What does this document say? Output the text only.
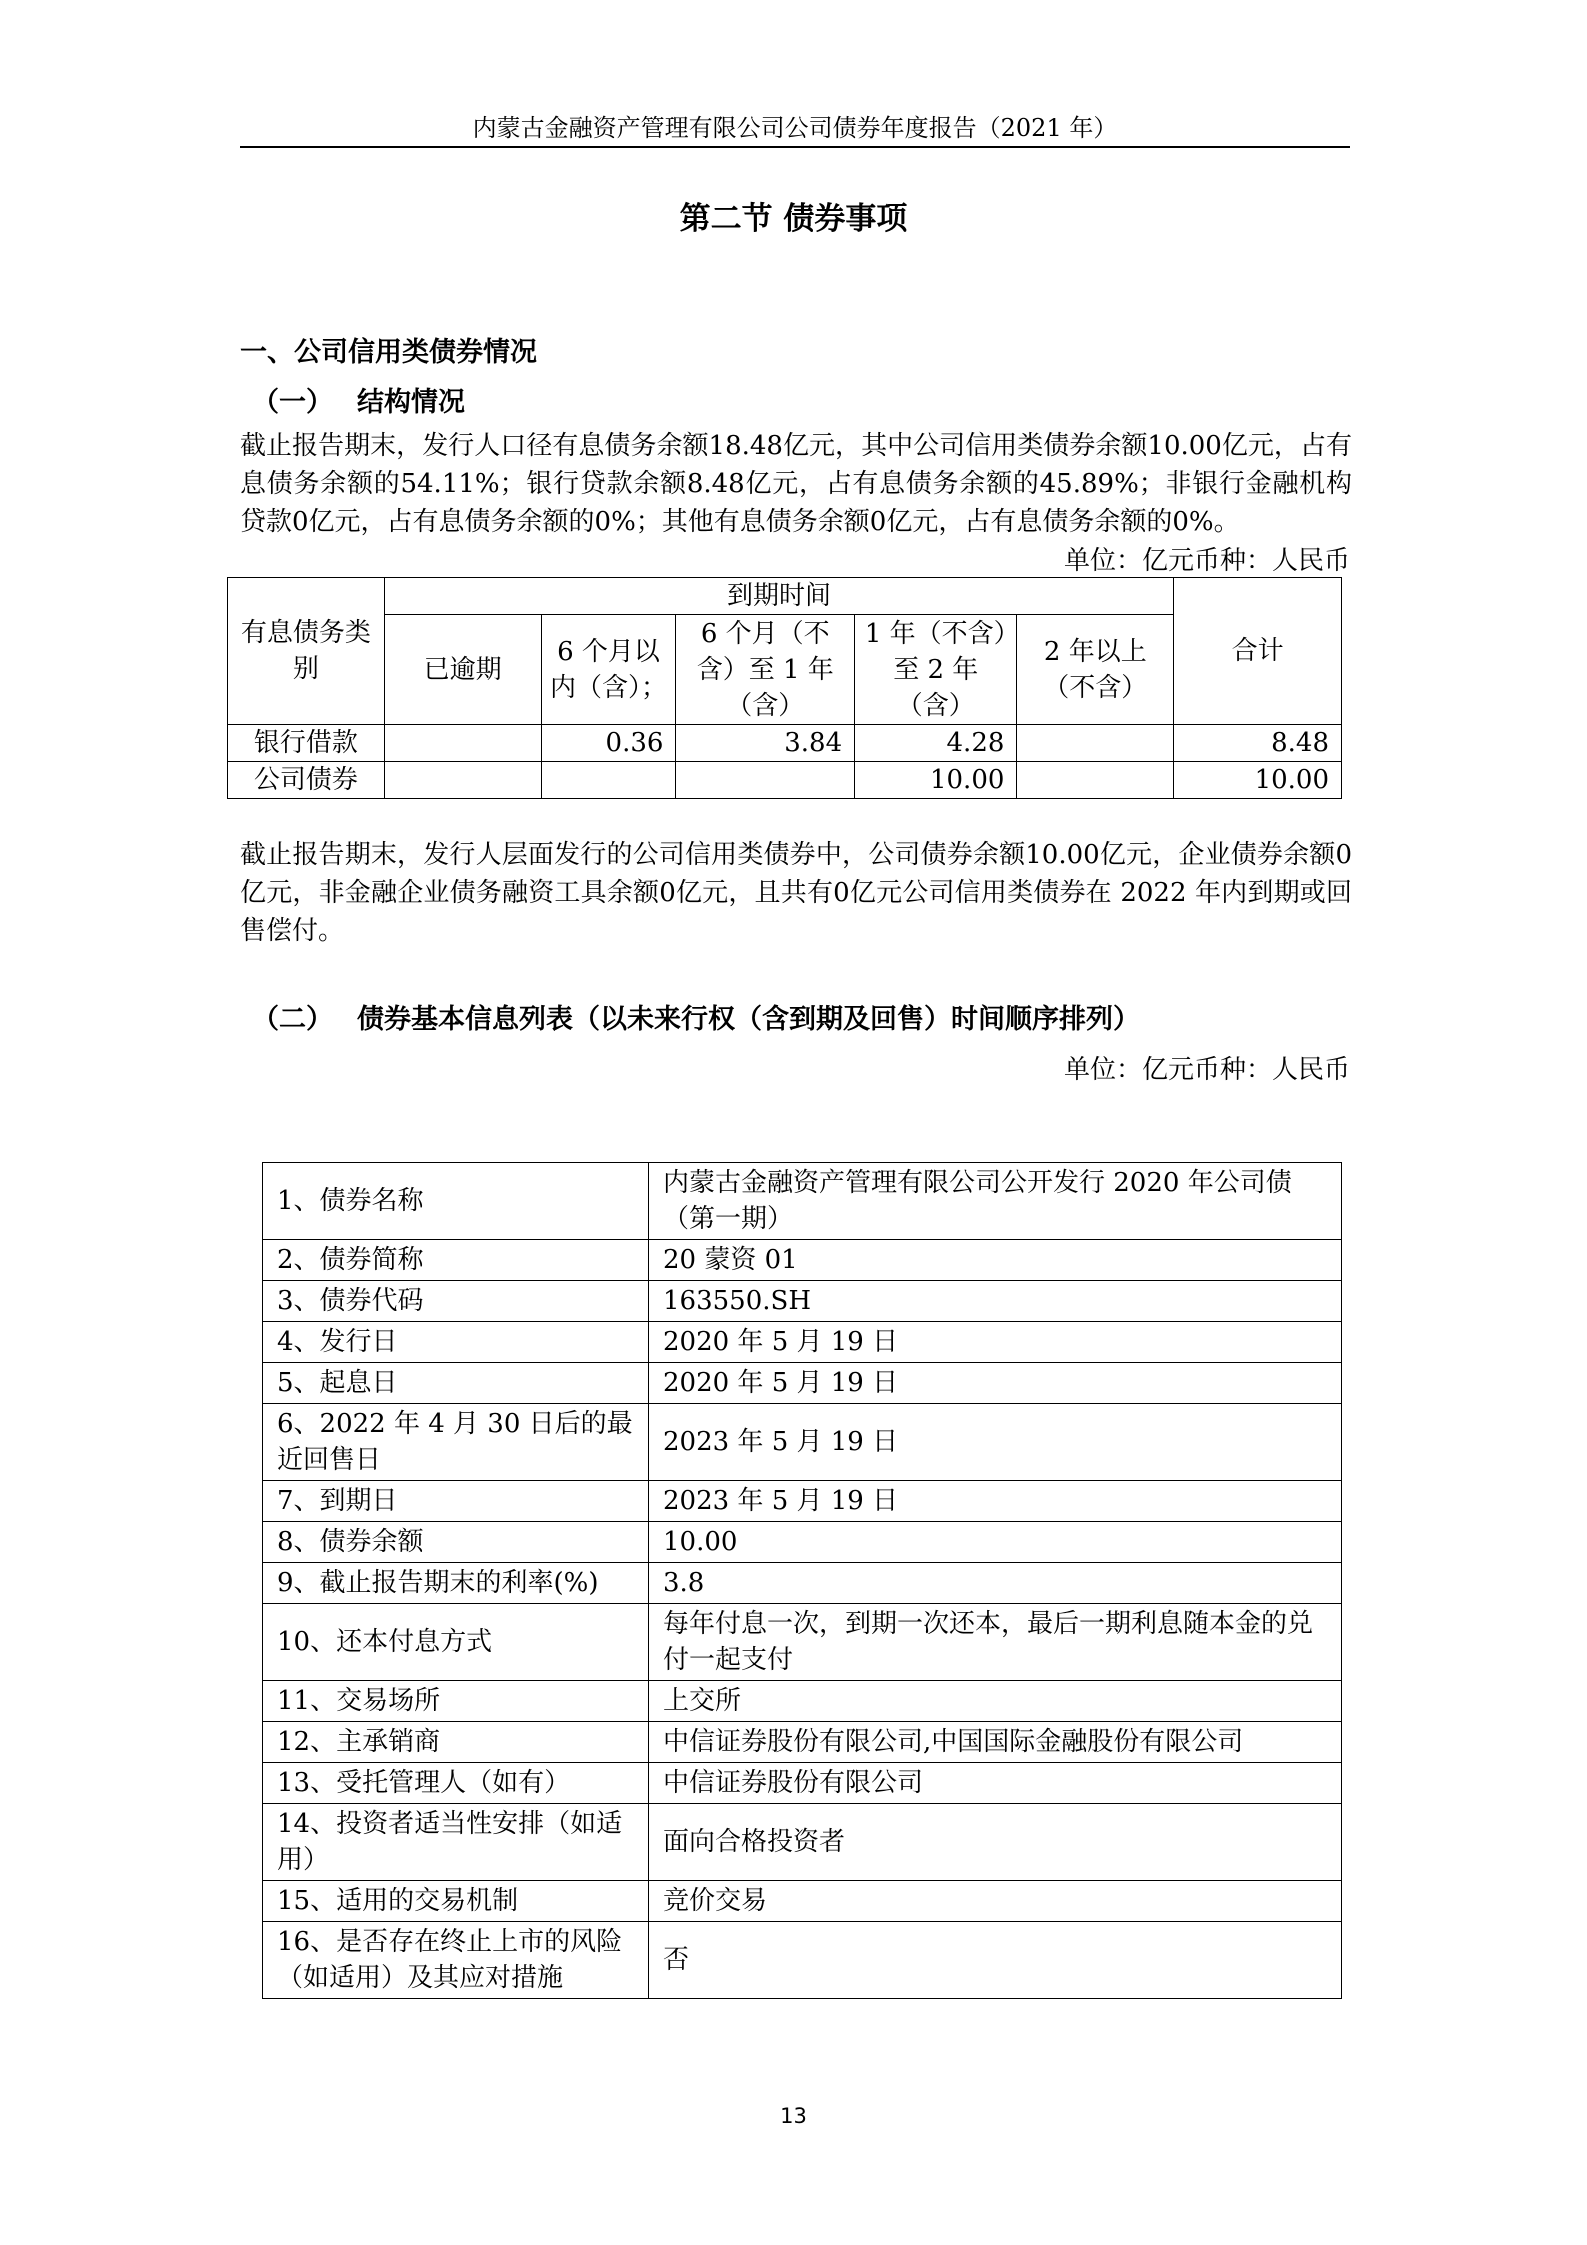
内蒙古金融资产管理有限公司公司债券年度报告（2021 年）
第二节 债券事项
一、公司信用类债券情况
（一） 结构情况
截止报告期末，发行人口径有息债务余额18.48亿元，其中公司信用类债券余额10.00亿元，占有息债务余额的54.11%；银行贷款余额8.48亿元，占有息债务余额的45.89%；非银行金融机构贷款0亿元，占有息债务余额的0%；其他有息债务余额0亿元，占有息债务余额的0%。
单位：亿元币种：人民币
有息债务类别	到期时间					合计
	已逾期	6 个月以内（含）；	6 个月（不含）至 1 年（含）	1 年（不含）至 2 年（含）	2 年以上（不含）	
银行借款		0.36	3.84	4.28		8.48
公司债券				10.00		10.00
截止报告期末，发行人层面发行的公司信用类债券中，公司债券余额10.00亿元，企业债券余额0亿元，非金融企业债务融资工具余额0亿元，且共有0亿元公司信用类债券在 2022 年内到期或回售偿付。
（二） 债券基本信息列表（以未来行权（含到期及回售）时间顺序排列）
单位：亿元币种：人民币
1、债券名称	内蒙古金融资产管理有限公司公开发行 2020 年公司债（第一期）
2、债券简称	20 蒙资 01
3、债券代码	163550.SH
4、发行日	2020 年 5 月 19 日
5、起息日	2020 年 5 月 19 日
6、2022 年 4 月 30 日后的最近回售日	2023 年 5 月 19 日
7、到期日	2023 年 5 月 19 日
8、债券余额	10.00
9、截止报告期末的利率(%)	3.8
10、还本付息方式	每年付息一次，到期一次还本，最后一期利息随本金的兑付一起支付
11、交易场所	上交所
12、主承销商	中信证券股份有限公司,中国国际金融股份有限公司
13、受托管理人（如有）	中信证券股份有限公司
14、投资者适当性安排（如适用）	面向合格投资者
15、适用的交易机制	竞价交易
16、是否存在终止上市的风险（如适用）及其应对措施	否
13
